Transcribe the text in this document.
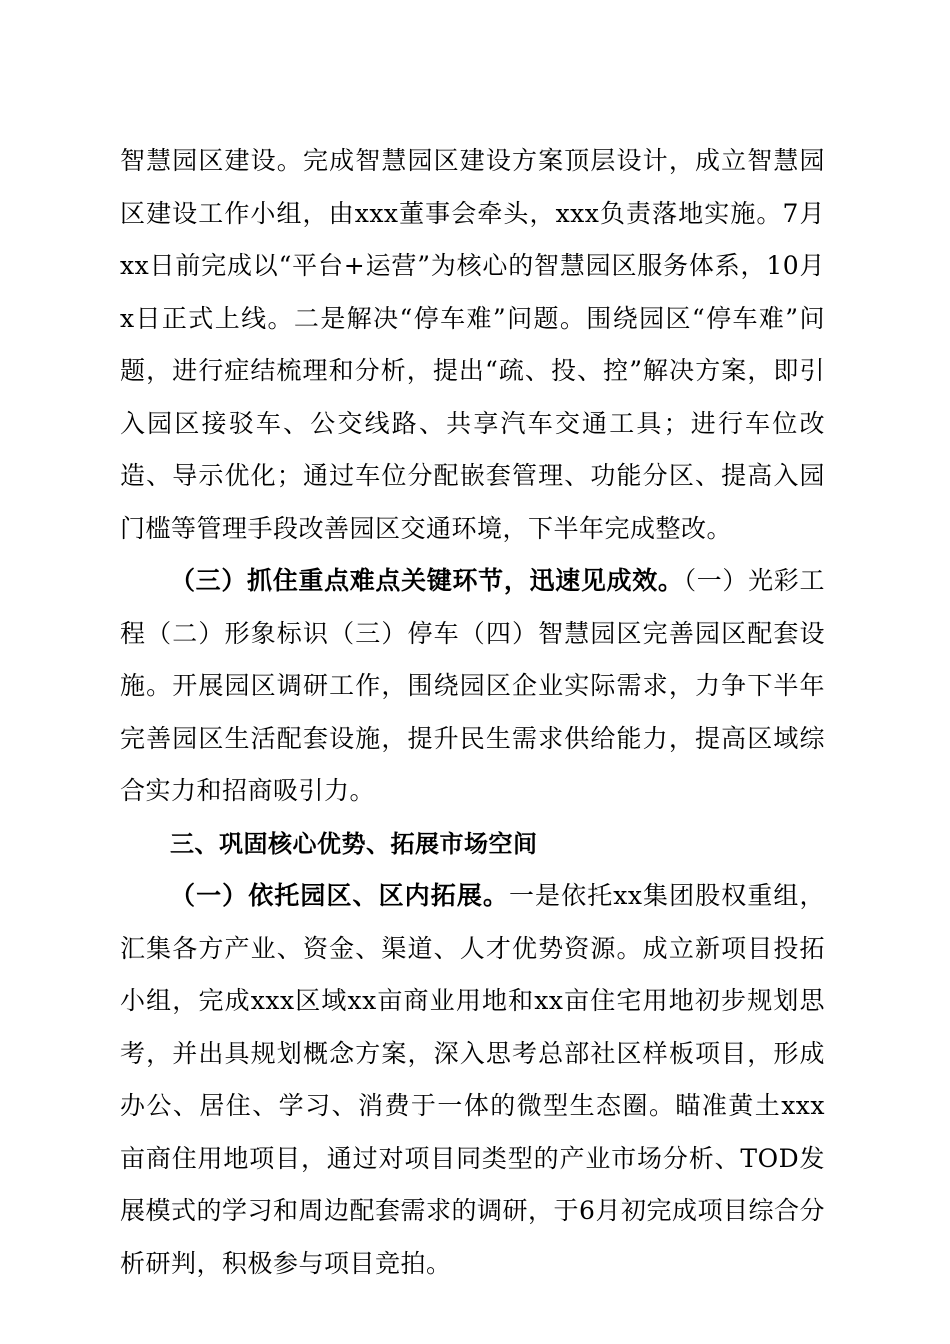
智慧园区建设。完成智慧园区建设方案顶层设计，成立智慧园区建设工作小组，由xxx董事会牵头，xxx负责落地实施。7月xx日前完成以“平台+运营”为核心的智慧园区服务体系，10月x日正式上线。二是解决“停车难”问题。围绕园区“停车难”问题，进行症结梳理和分析，提出“疏、投、控”解决方案，即引入园区接驳车、公交线路、共享汽车交通工具；进行车位改造、导示优化；通过车位分配嵌套管理、功能分区、提高入园门槛等管理手段改善园区交通环境，下半年完成整改。

（三）抓住重点难点关键环节，迅速见成效。（一）光彩工程（二）形象标识（三）停车（四）智慧园区完善园区配套设施。开展园区调研工作，围绕园区企业实际需求，力争下半年完善园区生活配套设施，提升民生需求供给能力，提高区域综合实力和招商吸引力。

三、巩固核心优势、拓展市场空间

（一）依托园区、区内拓展。一是依托xx集团股权重组，汇集各方产业、资金、渠道、人才优势资源。成立新项目投拓小组，完成xxx区域xx亩商业用地和xx亩住宅用地初步规划思考，并出具规划概念方案，深入思考总部社区样板项目，形成办公、居住、学习、消费于一体的微型生态圈。瞄准黄土xxx亩商住用地项目，通过对项目同类型的产业市场分析、TOD发展模式的学习和周边配套需求的调研，于6月初完成项目综合分析研判，积极参与项目竞拍。
